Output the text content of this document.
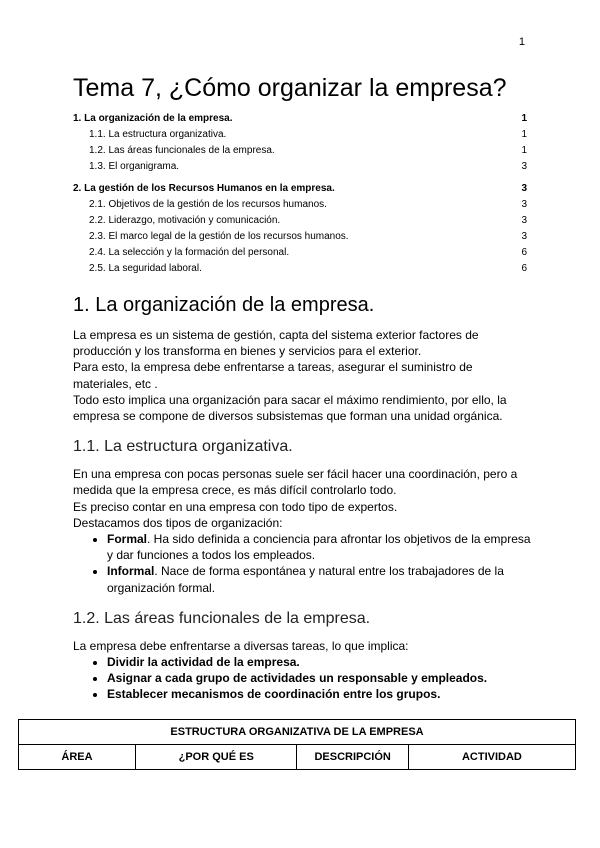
1
Tema 7, ¿Cómo organizar la empresa?
1. La organización de la empresa.	1
1.1. La estructura organizativa.	1
1.2. Las áreas funcionales de la empresa.	1
1.3. El organigrama.	3
2. La gestión de los Recursos Humanos en la empresa.	3
2.1. Objetivos de la gestión de los recursos humanos.	3
2.2. Liderazgo, motivación y comunicación.	3
2.3. El marco legal de la gestión de los recursos humanos.	3
2.4. La selección y la formación del personal.	6
2.5. La seguridad laboral.	6
1. La organización de la empresa.

La empresa es un sistema de gestión, capta del sistema exterior factores de producción y los transforma en bienes y servicios para el exterior.

Para esto, la empresa debe enfrentarse a tareas, asegurar el suministro de materiales, etc .

Todo esto implica una organización para sacar el máximo rendimiento, por ello, la empresa se compone de diversos subsistemas que forman una unidad orgánica.

1.1. La estructura organizativa.

En una empresa con pocas personas suele ser fácil hacer una coordinación, pero a medida que la empresa crece, es más difícil controlarlo todo.

Es preciso contar en una empresa con todo tipo de expertos.

Destacamos dos tipos de organización:

• Formal. Ha sido definida a conciencia para afrontar los objetivos de la empresa y dar funciones a todos los empleados.
• Informal. Nace de forma espontánea y natural entre los trabajadores de la organización formal.
1.2. Las áreas funcionales de la empresa.

La empresa debe enfrentarse a diversas tareas, lo que implica:

• Dividir la actividad de la empresa.
• Asignar a cada grupo de actividades un responsable y empleados.
• Establecer mecanismos de coordinación entre los grupos.
ESTRUCTURA ORGANIZATIVA DE LA EMPRESA
ÁREA	¿POR QUÉ ES	DESCRIPCIÓN	ACTIVIDAD
